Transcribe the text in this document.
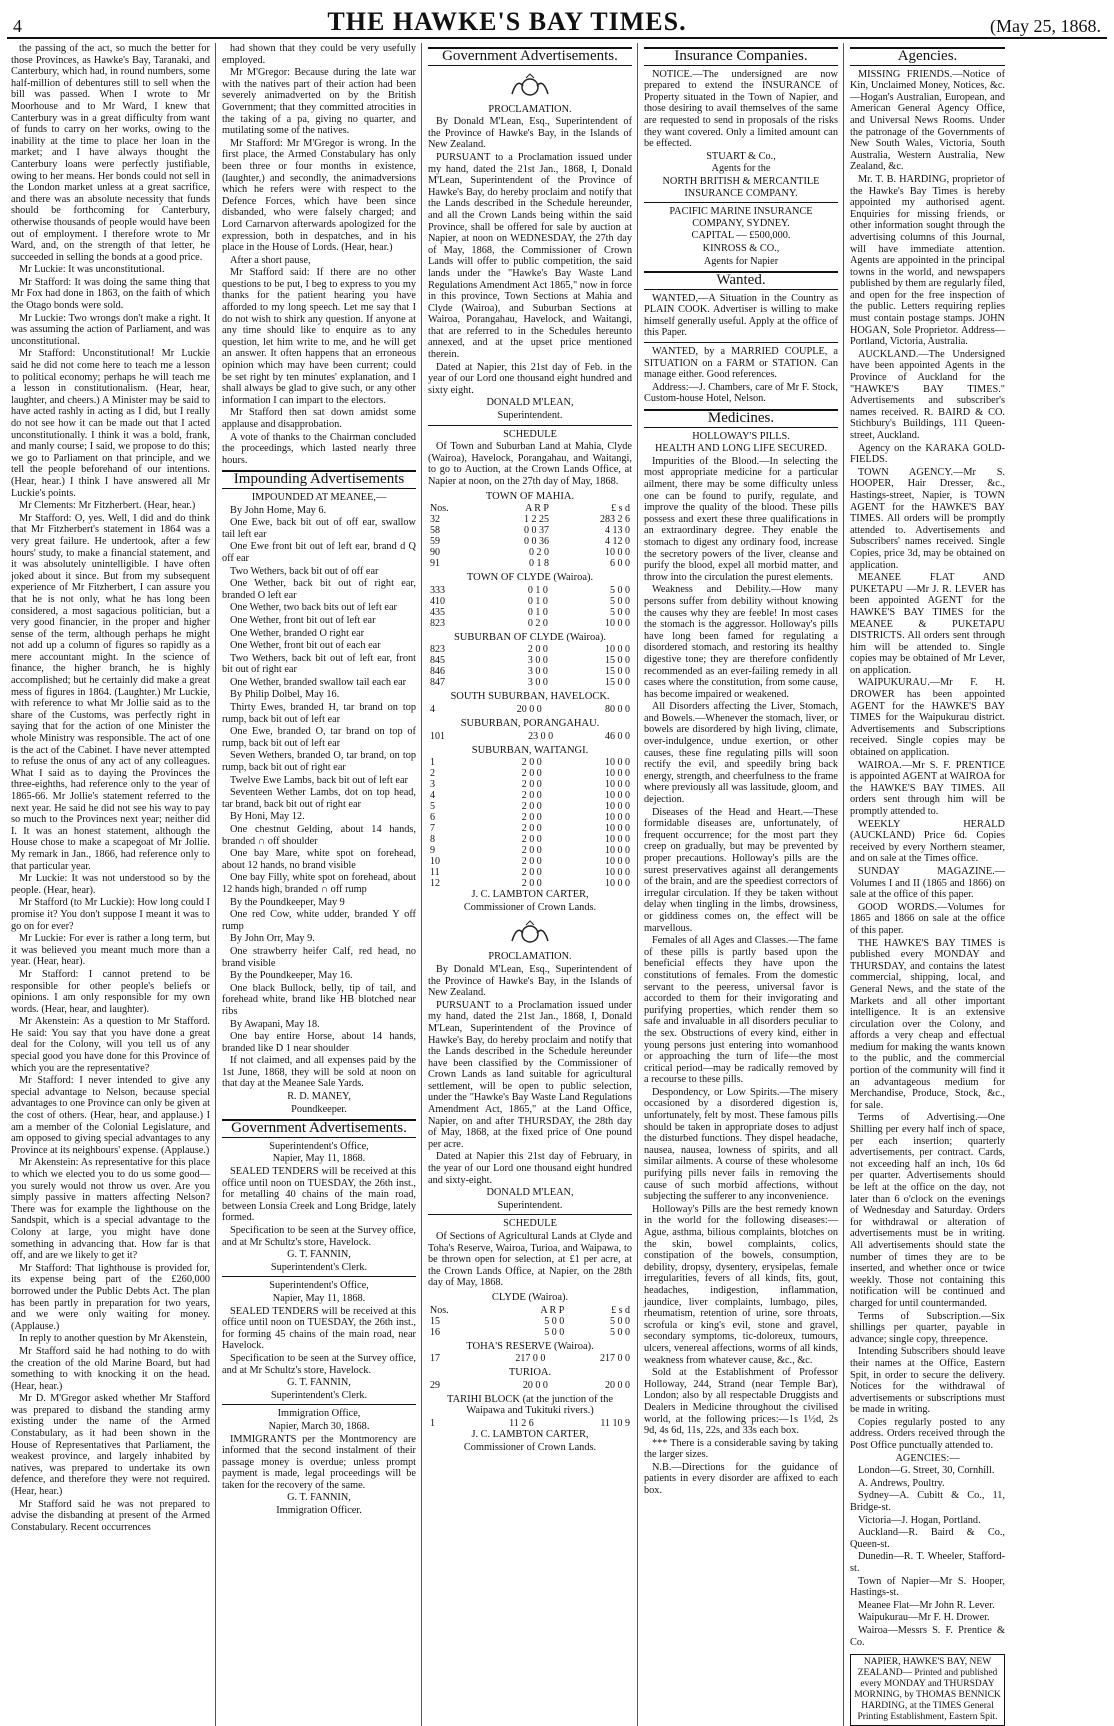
4	THE HAWKE'S BAY TIMES.	(May 25, 1868.

the passing of the act, so much the better for those Provinces, as Hawke's Bay, Taranaki, and Canterbury, which had, in round numbers, some half-million of debentures still to sell when the bill was passed. When I wrote to Mr Moorhouse and to Mr Ward, I knew that Canterbury was in a great difficulty from want of funds to carry on her works, owing to the inability at the time to place her loan in the market; and I have always thought the Canterbury loans were perfectly justifiable, owing to her means. Her bonds could not sell in the London market unless at a great sacrifice, and there was an absolute necessity that funds should be forthcoming for Canterbury, otherwise thousands of people would have been out of employment. I therefore wrote to Mr Ward, and, on the strength of that letter, he succeeded in selling the bonds at a good price.

Mr Luckie: It was unconstitutional.

Mr Stafford: It was doing the same thing that Mr Fox had done in 1863, on the faith of which the Otago bonds were sold.

Mr Luckie: Two wrongs don't make a right. It was assuming the action of Parliament, and was unconstitutional.

Mr Stafford: Unconstitutional! Mr Luckie said he did not come here to teach me a lesson to political economy; perhaps he will teach me a lesson in constitutionalism. (Hear, hear, laughter, and cheers.) A Minister may be said to have acted rashly in acting as I did, but I really do not see how it can be made out that I acted unconstitutionally. I think it was a bold, frank, and manly course; I said, we propose to do this; we go to Parliament on that principle, and we tell the people beforehand of our intentions. (Hear, hear.) I think I have answered all Mr Luckie's points.

Mr Clements: Mr Fitzherbert. (Hear, hear.)

Mr Stafford: O, yes. Well, I did and do think that Mr Fitzherbert's statement in 1864 was a very great failure. He undertook, after a few hours' study, to make a financial statement, and it was absolutely unintelligible. I have often joked about it since. But from my subsequent experience of Mr Fitzherbert, I can assure you that he is not only, what he has long been considered, a most sagacious politician, but a very good financier, in the proper and higher sense of the term, although perhaps he might not add up a column of figures so rapidly as a mere accountant might. In the science of finance, the higher branch, he is highly accomplished; but he certainly did make a great mess of figures in 1864. (Laughter.) Mr Luckie, with reference to what Mr Jollie said as to the share of the Customs, was perfectly right in saying that for the action of one Minister the whole Ministry was responsible. The act of one is the act of the Cabinet. I have never attempted to refuse the onus of any act of any colleagues. What I said as to daying the Provinces the three-eighths, had reference only to the year of 1865-66. Mr Jollie's statement referred to the next year. He said he did not see his way to pay so much to the Provinces next year; neither did I. It was an honest statement, although the House chose to make a scapegoat of Mr Jollie. My remark in Jan., 1866, had reference only to that particular year.

Mr Luckie: It was not understood so by the people. (Hear, hear).

Mr Stafford (to Mr Luckie): How long could I promise it? You don't suppose I meant it was to go on for ever?

Mr Luckie: For ever is rather a long term, but it was believed you meant much more than a year. (Hear, hear).

Mr Stafford: I cannot pretend to be responsible for other people's beliefs or opinions. I am only responsible for my own words. (Hear, hear, and laughter).

Mr Akenstein: As a question to Mr Stafford. He said: You say that you have done a great deal for the Colony, will you tell us of any special good you have done for this Province of which you are the representative?

Mr Stafford: I never intended to give any special advantage to Nelson, because special advantages to one Province can only be given at the cost of others. (Hear, hear, and applause.) I am a member of the Colonial Legislature, and am opposed to giving special advantages to any Province at its neighbours' expense. (Applause.)

Mr Akenstein: As representative for this place to which we elected you to do us some good—you surely would not throw us over. Are you simply passive in matters affecting Nelson? There was for example the lighthouse on the Sandspit, which is a special advantage to the Colony at large, you might have done something in advancing that. How far is that off, and are we likely to get it?

Mr Stafford: That lighthouse is provided for, its expense being part of the £260,000 borrowed under the Public Debts Act. The plan has been partly in preparation for two years, and we were only waiting for money. (Applause.)

In reply to another question by Mr Akenstein,

Mr Stafford said he had nothing to do with the creation of the old Marine Board, but had something to with knocking it on the head. (Hear, hear.)

Mr D. M'Gregor asked whether Mr Stafford was prepared to disband the standing army existing under the name of the Armed Constabulary, as it had been shown in the House of Representatives that Parliament, the weakest province, and largely inhabited by natives, was prepared to undertake its own defence, and therefore they were not required. (Hear, hear.)

Mr Stafford said he was not prepared to advise the disbanding at present of the Armed Constabulary. Recent occurrences

had shown that they could be very usefully employed.

Mr M'Gregor: Because during the late war with the natives part of their action had been severely animadverted on by the British Government; that they committed atrocities in the taking of a pa, giving no quarter, and mutilating some of the natives.

Mr Stafford: Mr M'Gregor is wrong. In the first place, the Armed Constabulary has only been three or four months in existence, (laughter,) and secondly, the animadversions which he refers were with respect to the Defence Forces, which have been since disbanded, who were falsely charged; and Lord Carnarvon afterwards apologized for the expression, both in despatches, and in his place in the House of Lords. (Hear, hear.)

After a short pause,

Mr Stafford said: If there are no other questions to be put, I beg to express to you my thanks for the patient hearing you have afforded to my long speech. Let me say that I do not wish to shirk any question. If anyone at any time should like to enquire as to any question, let him write to me, and he will get an answer. It often happens that an erroneous opinion which may have been current; could be set right by ten minutes' explanation, and I shall always be glad to give such, or any other information I can impart to the electors.

Mr Stafford then sat down amidst some applause and disapprobation.

A vote of thanks to the Chairman concluded the proceedings, which lasted nearly three hours.

Impounding Advertisements

IMPOUNDED AT MEANEE,—

By John Home, May 6.

One Ewe, back bit out of off ear, swallow tail left ear

One Ewe front bit out of left ear, brand d Q off ear

Two Wethers, back bit out of off ear

One Wether, back bit out of right ear, branded O left ear

One Wether, two back bits out of left ear

One Wether, front bit out of left ear

One Wether, branded O right ear

One Wether, front bit out of each ear

Two Wethers, back bit out of left ear, front bit out of right ear

One Wether, branded swallow tail each ear

By Philip Dolbel, May 16.

Thirty Ewes, branded H, tar brand on top rump, back bit out of left ear

One Ewe, branded O, tar brand on top of rump, back bit out of left ear

Seven Wethers, branded O, tar brand, on top rump, back bit out of right ear

Twelve Ewe Lambs, back bit out of left ear

Seventeen Wether Lambs, dot on top head, tar brand, back bit out of right ear

By Honi, May 12.

One chestnut Gelding, about 14 hands, branded ∩ off shoulder

One bay Mare, white spot on forehead, about 12 hands, no brand visible

One bay Filly, white spot on forehead, about 12 hands high, branded ∩ off rump

By the Poundkeeper, May 9

One red Cow, white udder, branded Y off rump

By John Orr, May 9.

One strawberry heifer Calf, red head, no brand visible

By the Poundkeeper, May 16.

One black Bullock, belly, tip of tail, and forehead white, brand like HB blotched near ribs

By Awapani, May 18.

One bay entire Horse, about 14 hands, branded like D 1 near shoulder

If not claimed, and all expenses paid by the 1st June, 1868, they will be sold at noon on that day at the Meanee Sale Yards.

R. D. MANEY,

Poundkeeper.

Government Advertisements.

Superintendent's Office,

Napier, May 11, 1868.

SEALED TENDERS will be received at this office until noon on TUESDAY, the 26th inst., for metalling 40 chains of the main road, between Lonsia Creek and Long Bridge, lately formed.

Specification to be seen at the Survey office, and at Mr Schultz's store, Havelock.

G. T. FANNIN,

Superintendent's Clerk.

Superintendent's Office,

Napier, May 11, 1868.

SEALED TENDERS will be received at this office until noon on TUESDAY, the 26th inst., for forming 45 chains of the main road, near Havelock.

Specification to be seen at the Survey office, and at Mr Schultz's store, Havelock.

G. T. FANNIN,

Superintendent's Clerk.

Immigration Office,

Napier, March 30, 1868.

IMMIGRANTS per the Montmorency are informed that the second instalment of their passage money is overdue; unless prompt payment is made, legal proceedings will be taken for the recovery of the same.

G. T. FANNIN,

Immigration Officer.

Government Advertisements.

PROCLAMATION.

By Donald M'Lean, Esq., Superintendent of the Province of Hawke's Bay, in the Islands of New Zealand.

PURSUANT to a Proclamation issued under my hand, dated the 21st Jan., 1868, I, Donald M'Lean, Superintendent of the Province of Hawke's Bay, do hereby proclaim and notify that the Lands described in the Schedule hereunder, and all the Crown Lands being within the said Province, shall be offered for sale by auction at Napier, at noon on WEDNESDAY, the 27th day of May, 1868, the Commissioner of Crown Lands will offer to public competition, the said lands under the "Hawke's Bay Waste Land Regulations Amendment Act 1865," now in force in this province, Town Sections at Mahia and Clyde (Wairoa), and Suburban Sections at Wairoa, Porangahau, Havelock, and Waitangi, that are referred to in the Schedules hereunto annexed, and at the upset price mentioned therein.

Dated at Napier, this 21st day of Feb. in the year of our Lord one thousand eight hundred and sixty eight.

DONALD M'LEAN,

Superintendent.

SCHEDULE

Of Town and Suburban Land at Mahia, Clyde (Wairoa), Havelock, Porangahau, and Waitangi, to go to Auction, at the Crown Lands Office, at Napier at noon, on the 27th day of May, 1868.

TOWN OF MAHIA.
Nos.	A R P	£ s d
32	1 2 25	283 2 6
58	0 0 37	4 13 0
59	0 0 36	4 12 0
90	0 2 0	10 0 0
91	0 1 8	6 0 0
TOWN OF CLYDE (Wairoa).
333	0 1 0	5 0 0
410	0 1 0	5 0 0
435	0 1 0	5 0 0
823	0 2 0	10 0 0
SUBURBAN OF CLYDE (Wairoa).
823	2 0 0	10 0 0
845	3 0 0	15 0 0
846	3 0 0	15 0 0
847	3 0 0	15 0 0
SOUTH SUBURBAN, HAVELOCK.
4	20 0 0	80 0 0
SUBURBAN, PORANGAHAU.
101	23 0 0	46 0 0
SUBURBAN, WAITANGI.
1	2 0 0	10 0 0
2	2 0 0	10 0 0
3	2 0 0	10 0 0
4	2 0 0	10 0 0
5	2 0 0	10 0 0
6	2 0 0	10 0 0
7	2 0 0	10 0 0
8	2 0 0	10 0 0
9	2 0 0	10 0 0
10	2 0 0	10 0 0
11	2 0 0	10 0 0
12	2 0 0	10 0 0

J. C. LAMBTON CARTER,

Commissioner of Crown Lands.

PROCLAMATION.

By Donald M'Lean, Esq., Superintendent of the Province of Hawke's Bay, in the Islands of New Zealand.

PURSUANT to a Proclamation issued under my hand, dated the 21st Jan., 1868, I, Donald M'Lean, Superintendent of the Province of Hawke's Bay, do hereby proclaim and notify that the Lands described in the Schedule hereunder have been classified by the Commissioner of Crown Lands as land suitable for agricultural settlement, will be open to public selection, under the "Hawke's Bay Waste Land Regulations Amendment Act, 1865," at the Land Office, Napier, on and after THURSDAY, the 28th day of May, 1868, at the fixed price of One pound per acre.

Dated at Napier this 21st day of February, in the year of our Lord one thousand eight hundred and sixty-eight.

DONALD M'LEAN,

Superintendent.

SCHEDULE

Of Sections of Agricultural Lands at Clyde and Toha's Reserve, Wairoa, Turioa, and Waipawa, to be thrown open for selection, at £1 per acre, at the Crown Lands Office, at Napier, on the 28th day of May, 1868.

CLYDE (Wairoa).
Nos.	A R P	£ s d
15	5 0 0	5 0 0
16	5 0 0	5 0 0
TOHA'S RESERVE (Wairoa).
17	217 0 0	217 0 0
TURIOA.
29	20 0 0	20 0 0
TARIHI BLOCK (at the junction of the Waipawa and Tukituki rivers.)
1	11 2 6	11 10 9

J. C. LAMBTON CARTER,

Commissioner of Crown Lands.

Insurance Companies.

NOTICE.—The undersigned are now prepared to extend the INSURANCE of Property situated in the Town of Napier, and those desiring to avail themselves of the same are requested to send in proposals of the risks they want covered. Only a limited amount can be effected.

STUART & Co.,

Agents for the

NORTH BRITISH & MERCANTILE INSURANCE COMPANY.

PACIFIC MARINE INSURANCE COMPANY, SYDNEY.

CAPITAL — £500,000.

KINROSS & CO.,

Agents for Napier

Wanted.

WANTED,—A Situation in the Country as PLAIN COOK. Advertiser is willing to make himself generally useful. Apply at the office of this Paper.

WANTED, by a MARRIED COUPLE, a SITUATION on a FARM or STATION. Can manage either. Good references.

Address:—J. Chambers, care of Mr F. Stock, Custom-house Hotel, Nelson.

Medicines.

HOLLOWAY'S PILLS.

HEALTH AND LONG LIFE SECURED.

Impurities of the Blood.—In selecting the most appropriate medicine for a particular ailment, there may be some difficulty unless one can be found to purify, regulate, and improve the quality of the blood. These pills possess and exert these three qualifications in an extraordinary degree. They enable the stomach to digest any ordinary food, increase the secretory powers of the liver, cleanse and purify the blood, expel all morbid matter, and throw into the circulation the purest elements.

Weakness and Debility.—How many persons suffer from debility without knowing the causes why they are feeble! In most cases the stomach is the aggressor. Holloway's pills have long been famed for regulating a disordered stomach, and restoring its healthy digestive tone; they are therefore confidently recommended as an ever-failing remedy in all cases where the constitution, from some cause, has become impaired or weakened.

All Disorders affecting the Liver, Stomach, and Bowels.—Whenever the stomach, liver, or bowels are disordered by high living, climate, over-indulgence, undue exertion, or other causes, these fine regulating pills will soon rectify the evil, and speedily bring back energy, strength, and cheerfulness to the frame where previously all was lassitude, gloom, and dejection.

Diseases of the Head and Heart.—These formidable diseases are, unfortunately, of frequent occurrence; for the most part they creep on gradually, but may be prevented by proper precautions. Holloway's pills are the surest preservatives against all derangements of the brain, and are the speediest correctors of irregular circulation. If they be taken without delay when tingling in the limbs, drowsiness, or giddiness comes on, the effect will be marvellous.

Females of all Ages and Classes.—The fame of these pills is partly based upon the beneficial effects they have upon the constitutions of females. From the domestic servant to the peeress, universal favor is accorded to them for their invigorating and purifying properties, which render them so safe and invaluable in all disorders peculiar to the sex. Obstructions of every kind, either in young persons just entering into womanhood or approaching the turn of life—the most critical period—may be radically removed by a recourse to these pills.

Despondency, or Low Spirits.—The misery occasioned by a disordered digestion is, unfortunately, felt by most. These famous pills should be taken in appropriate doses to adjust the disturbed functions. They dispel headache, nausea, nausea, lowness of spirits, and all similar ailments. A course of these wholesome purifying pills never fails in removing the cause of such morbid affections, without subjecting the sufferer to any inconvenience.

Holloway's Pills are the best remedy known in the world for the following diseases:—Ague, asthma, bilious complaints, blotches on the skin, bowel complaints, colics, constipation of the bowels, consumption, debility, dropsy, dysentery, erysipelas, female irregularities, fevers of all kinds, fits, gout, headaches, indigestion, inflammation, jaundice, liver complaints, lumbago, piles, rheumatism, retention of urine, sore throats, scrofula or king's evil, stone and gravel, secondary symptoms, tic-doloreux, tumours, ulcers, venereal affections, worms of all kinds, weakness from whatever cause, &c., &c.

Sold at the Establishment of Professor Holloway, 244, Strand (near Temple Bar), London; also by all respectable Druggists and Dealers in Medicine throughout the civilised world, at the following prices:—1s 1½d, 2s 9d, 4s 6d, 11s, 22s, and 33s each box.

*** There is a considerable saving by taking the larger sizes.

N.B.—Directions for the guidance of patients in every disorder are affixed to each box.

Agencies.

MISSING FRIENDS.—Notice of Kin, Unclaimed Money, Notices, &c.—Hogan's Australian, European, and American General Agency Office, and Universal News Rooms. Under the patronage of the Governments of New South Wales, Victoria, South Australia, Western Australia, New Zealand, &c.

Mr. T. B. HARDING, proprietor of the Hawke's Bay Times is hereby appointed my authorised agent. Enquiries for missing friends, or other information sought through the advertising columns of this Journal, will have immediate attention. Agents are appointed in the principal towns in the world, and newspapers published by them are regularly filed, and open for the free inspection of the public. Letters requiring replies must contain postage stamps. JOHN HOGAN, Sole Proprietor. Address—Portland, Victoria, Australia.

AUCKLAND.—The Undersigned have been appointed Agents in the Province of Auckland for the "HAWKE'S BAY TIMES." Advertisements and subscriber's names received. R. BAIRD & CO. Stichbury's Buildings, 111 Queen-street, Auckland.

Agency on the KARAKA GOLD-FIELDS.

TOWN AGENCY.—Mr S. HOOPER, Hair Dresser, &c., Hastings-street, Napier, is TOWN AGENT for the HAWKE'S BAY TIMES. All orders will be promptly attended to. Advertisements and Subscribers' names received. Single Copies, price 3d, may be obtained on application.

MEANEE FLAT AND PUKETAPU —Mr J. R. LEVER has been appointed AGENT for the HAWKE'S BAY TIMES for the MEANEE & PUKETAPU DISTRICTS. All orders sent through him will be attended to. Single copies may be obtained of Mr Lever, on application.

WAIPUKURAU.—Mr F. H. DROWER has been appointed AGENT for the HAWKE'S BAY TIMES for the Waipukurau district. Advertisements and Subscriptions received. Single copies may be obtained on application.

WAIROA.—Mr S. F. PRENTICE is appointed AGENT at WAIROA for the HAWKE'S BAY TIMES. All orders sent through him will be promptly attended to.

WEEKLY HERALD (AUCKLAND) Price 6d. Copies received by every Northern steamer, and on sale at the Times office.

SUNDAY MAGAZINE.—Volumes I and II (1865 and 1866) on sale at the office of this paper.

GOOD WORDS.—Volumes for 1865 and 1866 on sale at the office of this paper.

THE HAWKE'S BAY TIMES is published every MONDAY and THURSDAY, and contains the latest commercial, shipping, local, and General News, and the state of the Markets and all other important intelligence. It is an extensive circulation over the Colony, and affords a very cheap and effectual medium for making the wants known to the public, and the commercial portion of the community will find it an advantageous medium for Merchandise, Produce, Stock, &c., for sale.

Terms of Advertising.—One Shilling per every half inch of space, per each insertion; quarterly advertisements, per contract. Cards, not exceeding half an inch, 10s 6d per quarter. Advertisements should be left at the office on the day, not later than 6 o'clock on the evenings of Wednesday and Saturday. Orders for withdrawal or alteration of advertisements must be in writing. All advertisements should state the number of times they are to be inserted, and whether once or twice weekly. Those not containing this notification will be continued and charged for until countermanded.

Terms of Subscription.—Six shillings per quarter, payable in advance; single copy, threepence.

Intending Subscribers should leave their names at the Office, Eastern Spit, in order to secure the delivery. Notices for the withdrawal of advertisements or subscriptions must be made in writing.

Copies regularly posted to any address. Orders received through the Post Office punctually attended to.

AGENCIES:—

London—G. Street, 30, Cornhill.

A. Andrews, Poultry.

Sydney—A. Cubitt & Co., 11, Bridge-st.

Victoria—J. Hogan, Portland.

Auckland—R. Baird & Co., Queen-st.

Dunedin—R. T. Wheeler, Stafford-st.

Town of Napier—Mr S. Hooper, Hastings-st.

Meanee Flat—Mr John R. Lever.

Waipukurau—Mr F. H. Drower.

Wairoa—Messrs S. F. Prentice & Co.

NAPIER, HAWKE'S BAY, NEW ZEALAND— Printed and published every MONDAY and THURSDAY MORNING, by THOMAS BENNICK HARDING, at the TIMES General Printing Establishment, Eastern Spit.
